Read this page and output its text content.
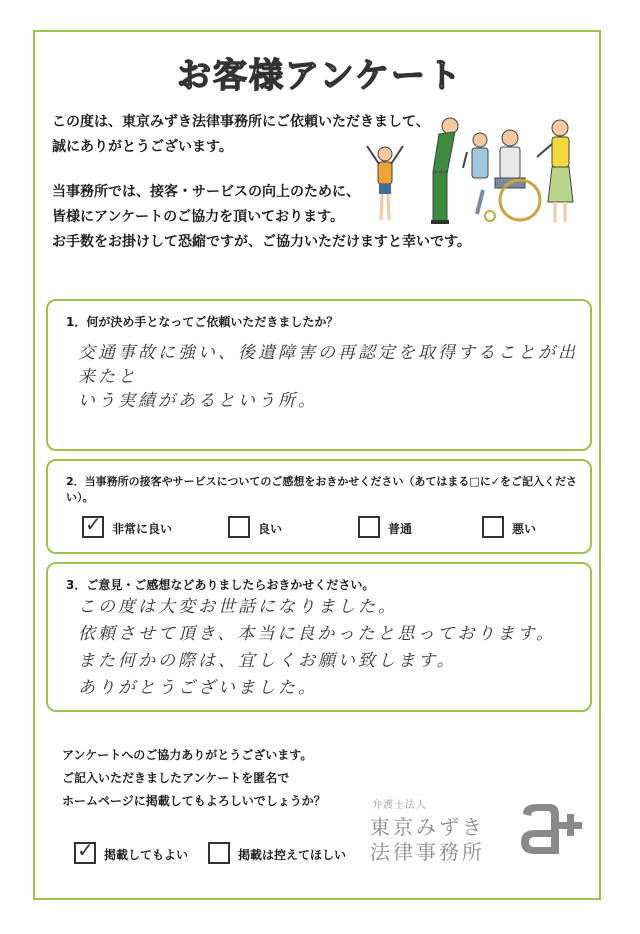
お客様アンケート
この度は、東京みずき法律事務所にご依頼いただきまして、
誠にありがとうございます。
当事務所では、接客・サービスの向上のために、
皆様にアンケートのご協力を頂いております。
お手数をお掛けして恐縮ですが、ご協力いただけますと幸いです。
1．何が決め手となってご依頼いただきましたか？
交通事故に強い、後遺障害の再認定を取得することが出来たと
いう実績があるという所。
2．当事務所の接客やサービスについてのご感想をおきかせください（あてはまる□に✓をご記入ください）。
✓ 非常に良い	良い	普通	悪い
3．ご意見・ご感想などありましたらおきかせください。
この度は大変お世話になりました。
依頼させて頂き、本当に良かったと思っております。
また何かの際は、宜しくお願い致します。
ありがとうございました。
アンケートへのご協力ありがとうございます。
ご記入いただきましたアンケートを匿名で
ホームページに掲載してもよろしいでしょうか？
✓ 掲載してもよい	掲載は控えてほしい
弁護士法人
東京みずき
法律事務所
